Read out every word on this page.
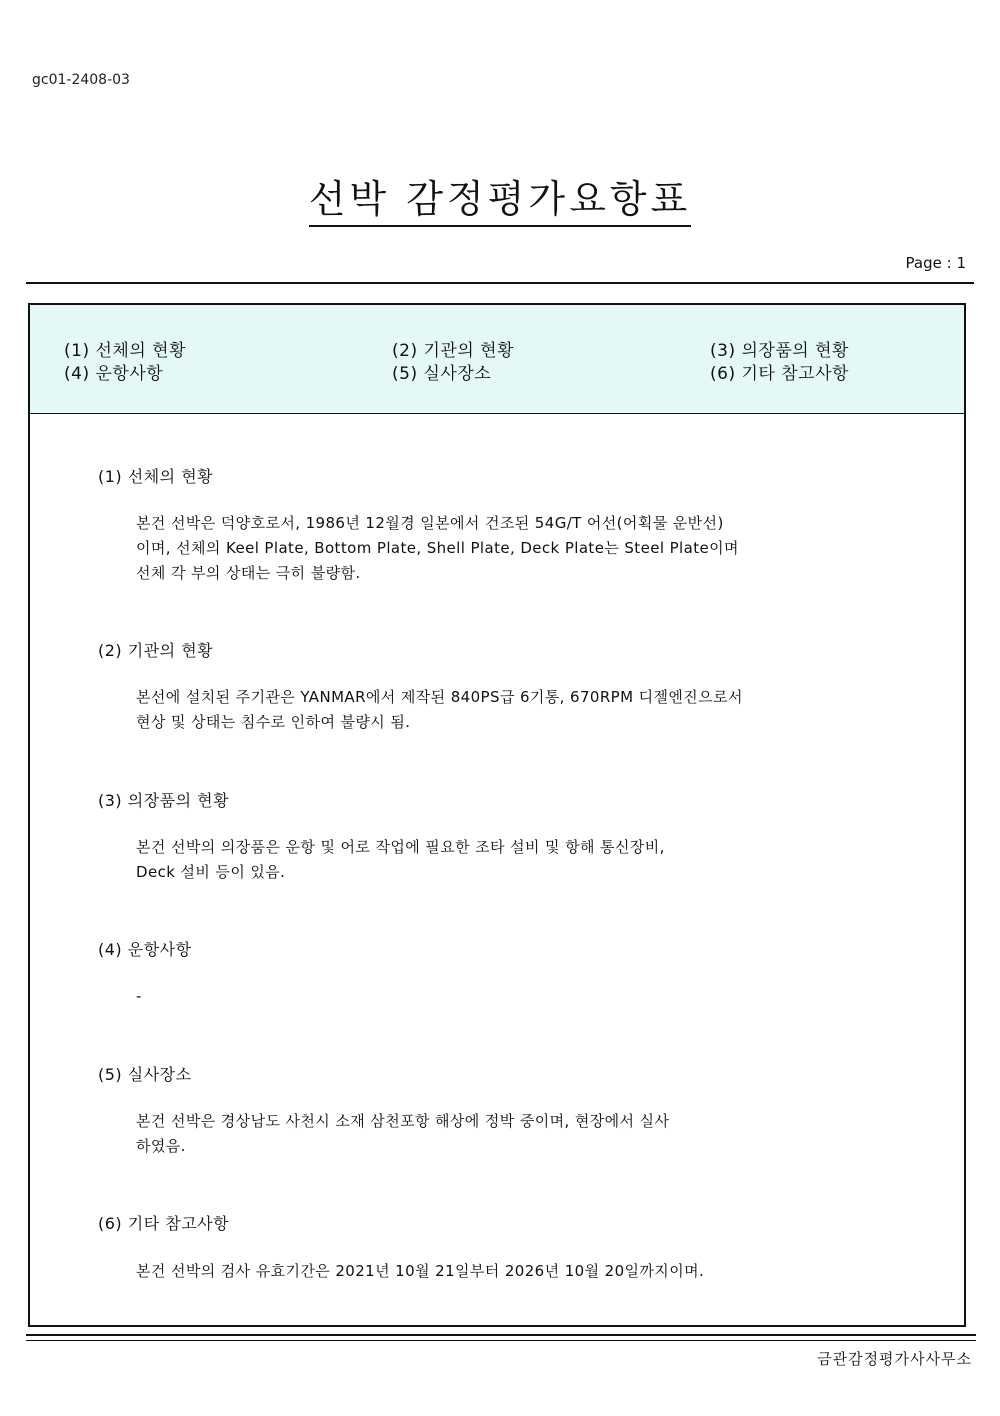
gc01-2408-03
선박 감정평가요항표
Page : 1
(1) 선체의 현황	(2) 기관의 현황	(3) 의장품의 현황
(4) 운항사항	(5) 실사장소	(6) 기타 참고사항
(1) 선체의 현황

본건 선박은 덕양호로서, 1986년 12월경 일본에서 건조된 54G/T 어선(어획물 운반선)

이며, 선체의 Keel Plate, Bottom Plate, Shell Plate, Deck Plate는 Steel Plate이며

선체 각 부의 상태는 극히 불량함.

(2) 기관의 현황

본선에 설치된 주기관은 YANMAR에서 제작된 840PS급 6기통, 670RPM 디젤엔진으로서

현상 및 상태는 침수로 인하여 불량시 됨.

(3) 의장품의 현황

본건 선박의 의장품은 운항 및 어로 작업에 필요한 조타 설비 및 항해 통신장비,

Deck 설비 등이 있음.

(4) 운항사항

-

(5) 실사장소

본건 선박은 경상남도 사천시 소재 삼천포항 해상에 정박 중이며, 현장에서 실사

하였음.

(6) 기타 참고사항

본건 선박의 검사 유효기간은 2021년 10월 21일부터 2026년 10월 20일까지이며.

금관감정평가사사무소
